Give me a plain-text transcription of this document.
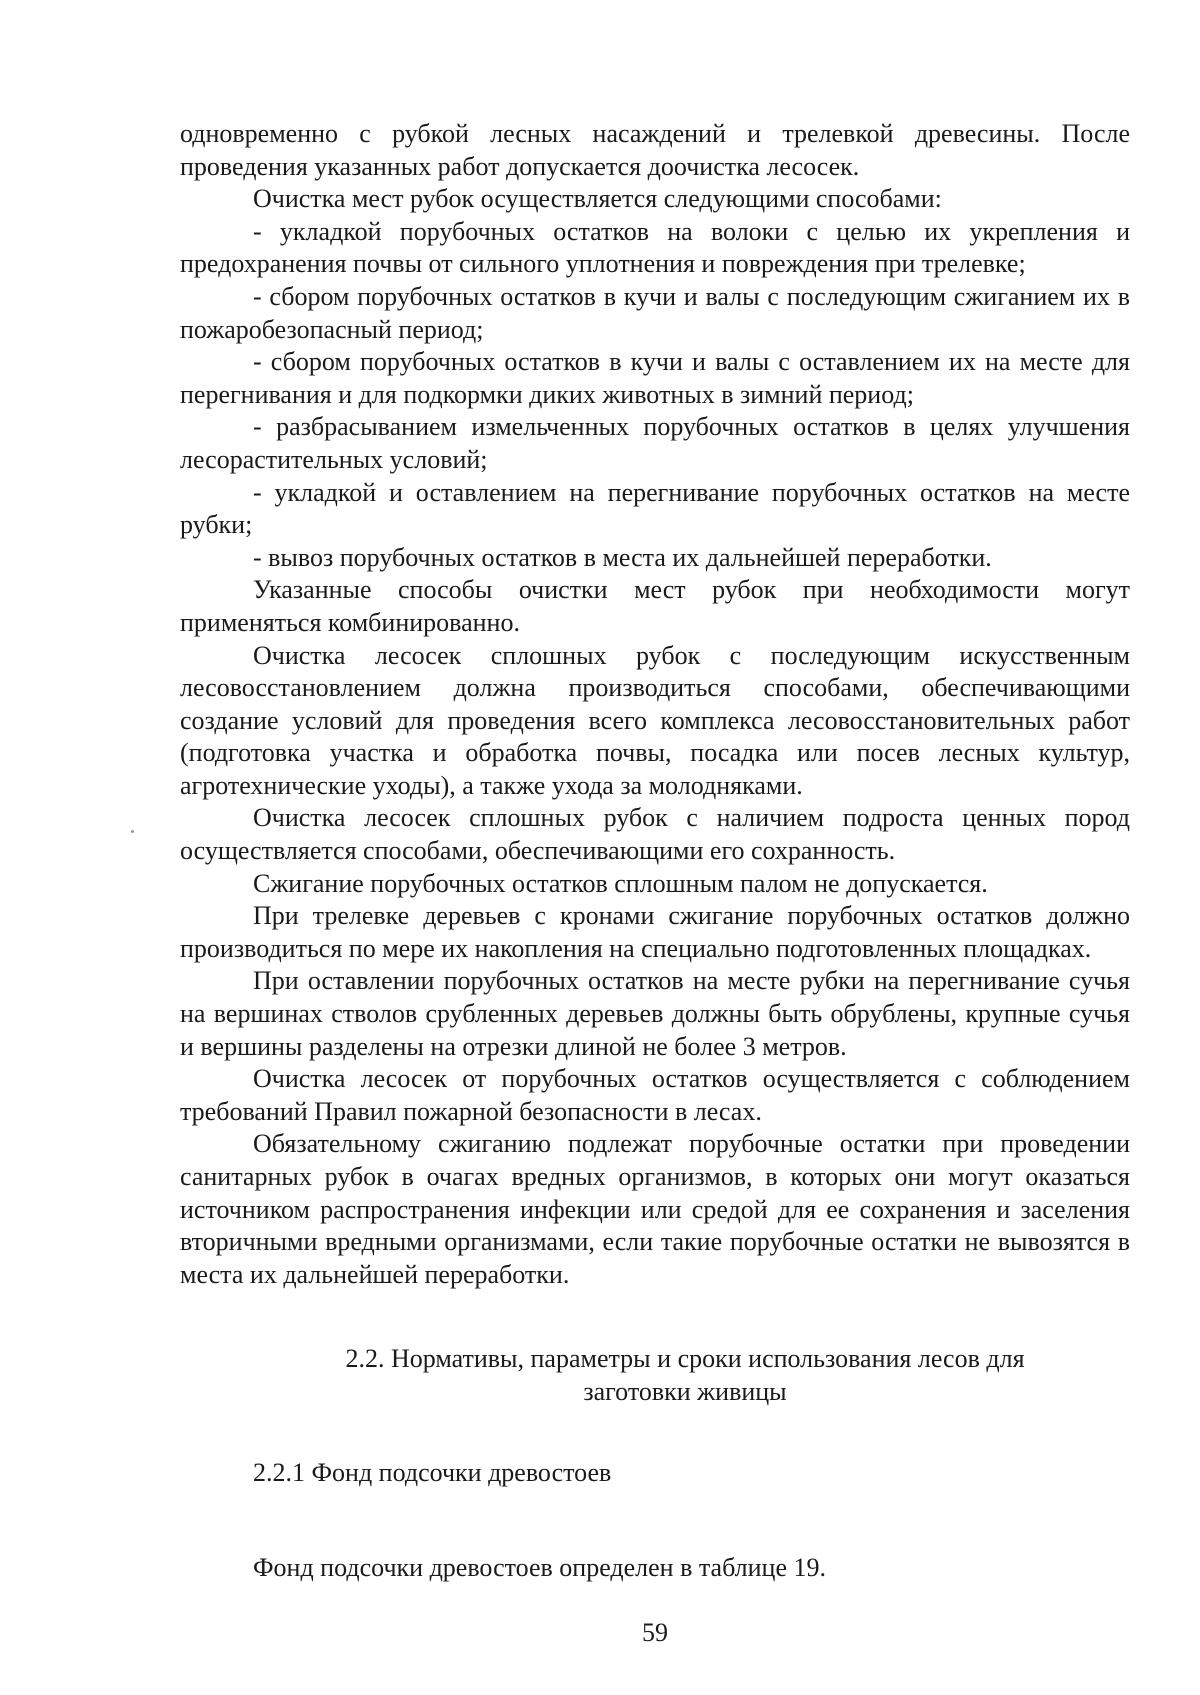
одновременно с рубкой лесных насаждений и трелевкой древесины. После проведения указанных работ допускается доочистка лесосек.

Очистка мест рубок осуществляется следующими способами:

- укладкой порубочных остатков на волоки с целью их укрепления и предохранения почвы от сильного уплотнения и повреждения при трелевке;

- сбором порубочных остатков в кучи и валы с последующим сжиганием их в пожаробезопасный период;

- сбором порубочных остатков в кучи и валы с оставлением их на месте для перегнивания и для подкормки диких животных в зимний период;

- разбрасыванием измельченных порубочных остатков в целях улучшения лесорастительных условий;

- укладкой и оставлением на перегнивание порубочных остатков на месте рубки;

- вывоз порубочных остатков в места их дальнейшей переработки.

Указанные способы очистки мест рубок при необходимости могут применяться комбинированно.

Очистка лесосек сплошных рубок с последующим искусственным лесовосстановлением должна производиться способами, обеспечивающими создание условий для проведения всего комплекса лесовосстановительных работ (подготовка участка и обработка почвы, посадка или посев лесных культур, агротехнические уходы), а также ухода за молодняками.

Очистка лесосек сплошных рубок с наличием подроста ценных пород осуществляется способами, обеспечивающими его сохранность.

Сжигание порубочных остатков сплошным палом не допускается.

При трелевке деревьев с кронами сжигание порубочных остатков должно производиться по мере их накопления на специально подготовленных площадках.

При оставлении порубочных остатков на месте рубки на перегнивание сучья на вершинах стволов срубленных деревьев должны быть обрублены, крупные сучья и вершины разделены на отрезки длиной не более 3 метров.

Очистка лесосек от порубочных остатков осуществляется с соблюдением требований Правил пожарной безопасности в лесах.

Обязательному сжиганию подлежат порубочные остатки при проведении санитарных рубок в очагах вредных организмов, в которых они могут оказаться источником распространения инфекции или средой для ее сохранения и заселения вторичными вредными организмами, если такие порубочные остатки не вывозятся в места их дальнейшей переработки.

2.2. Нормативы, параметры и сроки использования лесов для
заготовки живицы

2.2.1 Фонд подсочки древостоев

Фонд подсочки древостоев определен в таблице 19.

59
